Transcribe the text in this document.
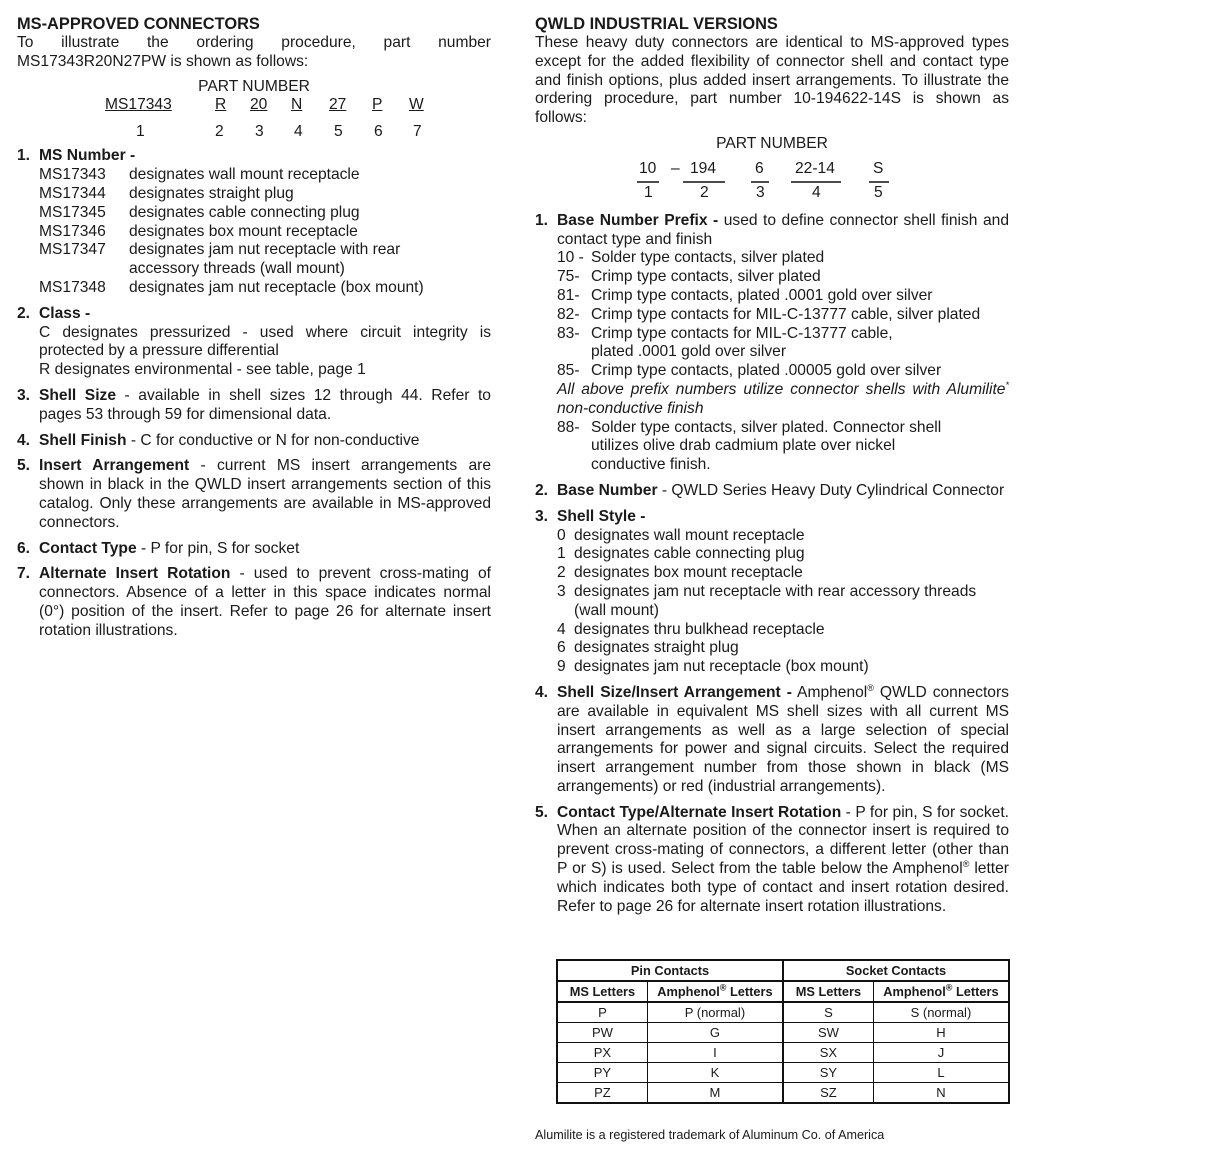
MS-APPROVED CONNECTORS

To illustrate the ordering procedure, part number

MS17343R20N27PW is shown as follows:

PART NUMBER
MS17343	R 20 N 27 P W
1	2 3 4 5 6 7
1. MS Number -
MS17343	designates wall mount receptacle
MS17344	designates straight plug
MS17345	designates cable connecting plug
MS17346	designates box mount receptacle
MS17347	designates jam nut receptacle with rear accessory threads (wall mount)
MS17348	designates jam nut receptacle (box mount)
2. Class -

C designates pressurized - used where circuit integrity is protected by a pressure differential

R designates environmental - see table, page 1

3. Shell Size - available in shell sizes 12 through 44. Refer to pages 53 through 59 for dimensional data.
4. Shell Finish - C for conductive or N for non-conductive
5. Insert Arrangement - current MS insert arrangements are shown in black in the QWLD insert arrangements section of this catalog. Only these arrangements are available in MS-approved connectors.
6. Contact Type - P for pin, S for socket
7. Alternate Insert Rotation - used to prevent cross-mating of connectors. Absence of a letter in this space indicates normal (0°) position of the insert. Refer to page 26 for alternate insert rotation illustrations.
QWLD INDUSTRIAL VERSIONS

These heavy duty connectors are identical to MS-approved types except for the added flexibility of connector shell and contact type and finish options, plus added insert arrangements. To illustrate the ordering procedure, part number 10-194622-14S is shown as follows:

PART NUMBER
10 – 194 6 22-14 S
1	2	3	4	5
1. Base Number Prefix - used to define connector shell finish and contact type and finish
10 - Solder type contacts, silver plated
75- Crimp type contacts, silver plated
81- Crimp type contacts, plated .0001 gold over silver
82- Crimp type contacts for MIL-C-13777 cable, silver plated
83- Crimp type contacts for MIL-C-13777 cable, plated .0001 gold over silver
85- Crimp type contacts, plated .00005 gold over silver

All above prefix numbers utilize connector shells with Alumilite* non-conductive finish

88- Solder type contacts, silver plated. Connector shell utilizes olive drab cadmium plate over nickel conductive finish.
2. Base Number - QWLD Series Heavy Duty Cylindrical Connector
3. Shell Style -
0 designates wall mount receptacle
1 designates cable connecting plug
2 designates box mount receptacle
3 designates jam nut receptacle with rear accessory threads (wall mount)
4 designates thru bulkhead receptacle
6 designates straight plug
9 designates jam nut receptacle (box mount)
4. Shell Size/Insert Arrangement - Amphenol® QWLD connectors are available in equivalent MS shell sizes with all current MS insert arrangements as well as a large selection of special arrangements for power and signal circuits. Select the required insert arrangement number from those shown in black (MS arrangements) or red (industrial arrangements).
5. Contact Type/Alternate Insert Rotation - P for pin, S for socket. When an alternate position of the connector insert is required to prevent cross-mating of connectors, a different letter (other than P or S) is used. Select from the table below the Amphenol® letter which indicates both type of contact and insert rotation desired. Refer to page 26 for alternate insert rotation illustrations.
Pin Contacts		Socket Contacts	
MS Letters	Amphenol® Letters	MS Letters	Amphenol® Letters
P	P (normal)	S	S (normal)
PW	G	SW	H
PX	I	SX	J
PY	K	SY	L
PZ	M	SZ	N
Alumilite is a registered trademark of Aluminum Co. of America
